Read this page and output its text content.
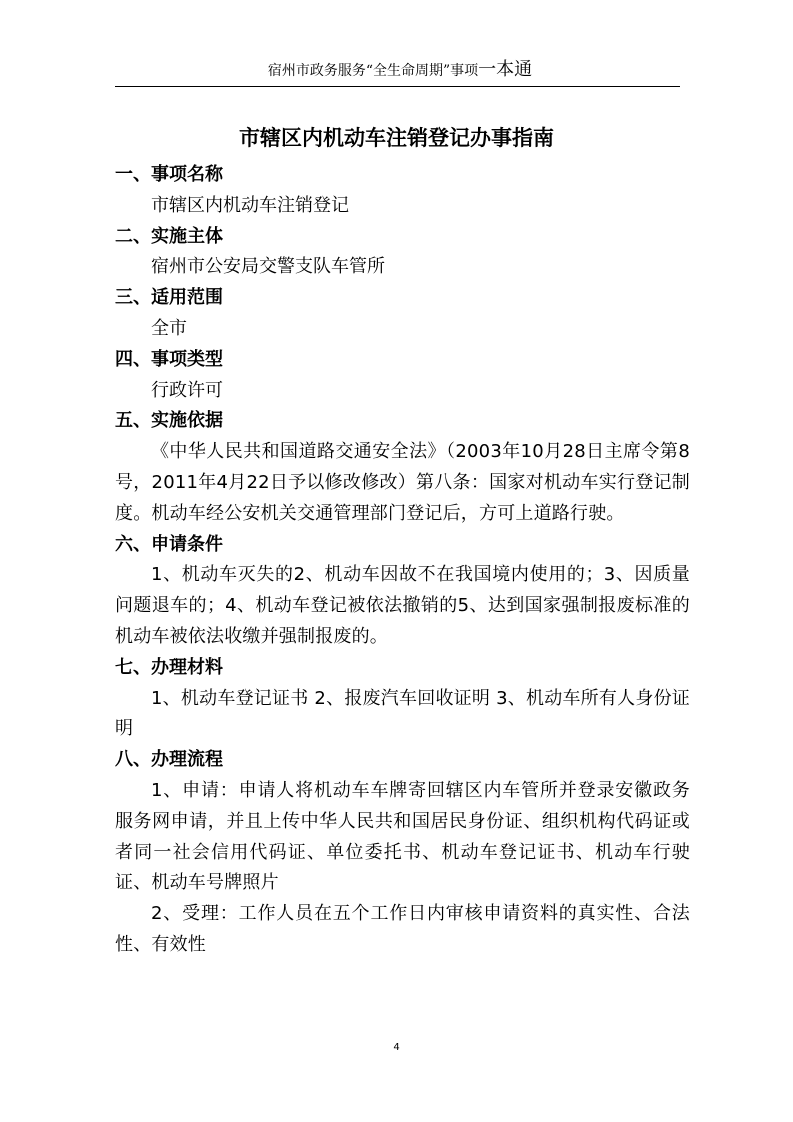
宿州市政务服务“全生命周期”事项一本通
市辖区内机动车注销登记办事指南

一、事项名称

市辖区内机动车注销登记

二、实施主体

宿州市公安局交警支队车管所

三、适用范围

全市

四、事项类型

行政许可

五、实施依据

《中华人民共和国道路交通安全法》（2003年10月28日主席令第8号，2011年4月22日予以修改修改）第八条：国家对机动车实行登记制度。机动车经公安机关交通管理部门登记后，方可上道路行驶。

六、申请条件

1、机动车灭失的2、机动车因故不在我国境内使用的；3、因质量问题退车的；4、机动车登记被依法撤销的5、达到国家强制报废标准的机动车被依法收缴并强制报废的。

七、办理材料

1、机动车登记证书 2、报废汽车回收证明 3、机动车所有人身份证明

八、办理流程

1、申请：申请人将机动车车牌寄回辖区内车管所并登录安徽政务服务网申请，并且上传中华人民共和国居民身份证、组织机构代码证或者同一社会信用代码证、单位委托书、机动车登记证书、机动车行驶证、机动车号牌照片

2、受理：工作人员在五个工作日内审核申请资料的真实性、合法性、有效性

4
